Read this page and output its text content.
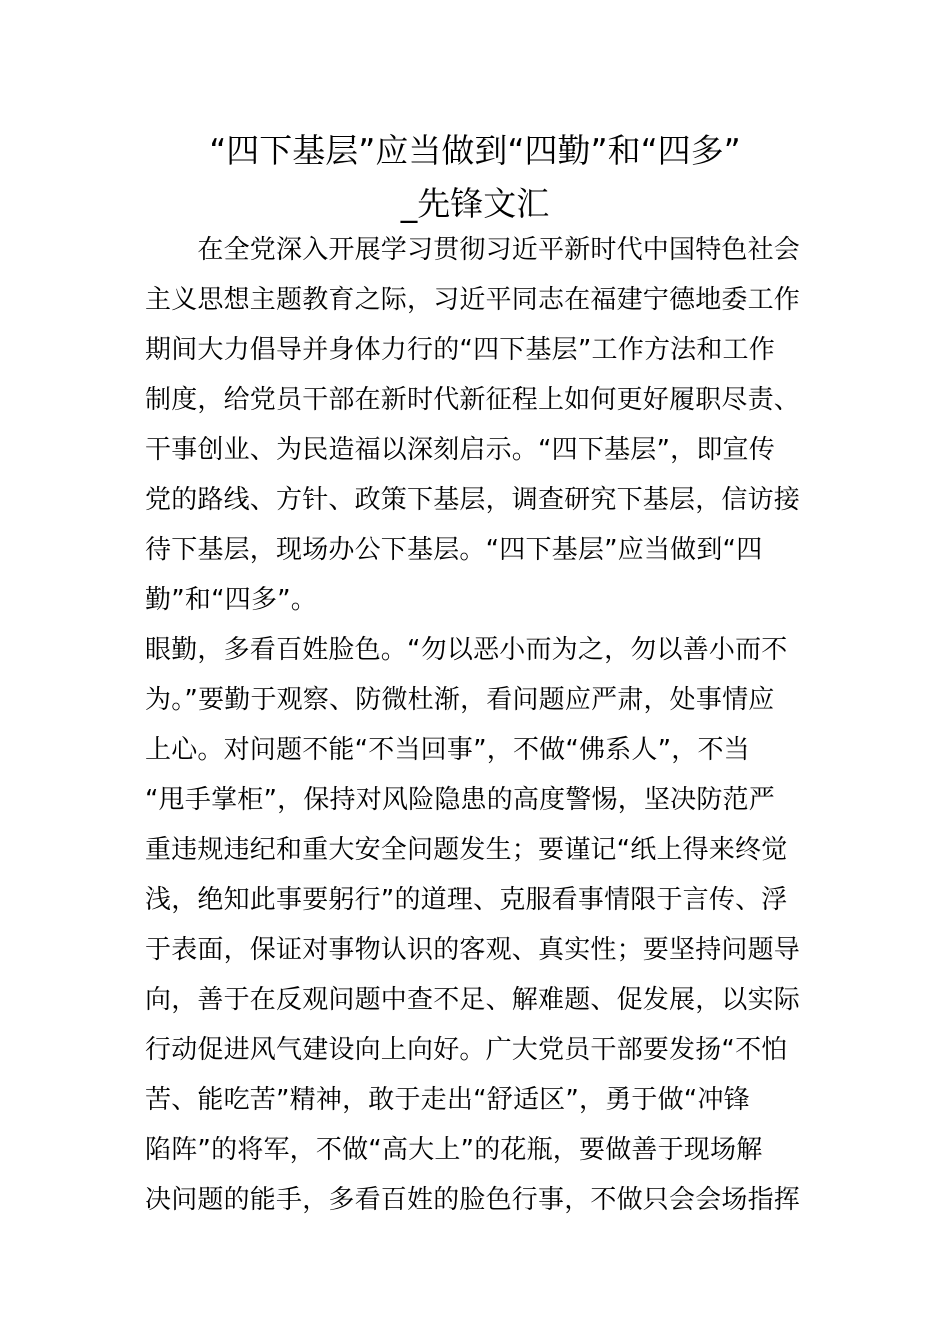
“四下基层”应当做到“四勤”和“四多”
_先锋文汇
　　在全党深入开展学习贯彻习近平新时代中国特色社会
主义思想主题教育之际，习近平同志在福建宁德地委工作
期间大力倡导并身体力行的“四下基层”工作方法和工作
制度，给党员干部在新时代新征程上如何更好履职尽责、
干事创业、为民造福以深刻启示。“四下基层”，即宣传
党的路线、方针、政策下基层，调查研究下基层，信访接
待下基层，现场办公下基层。“四下基层”应当做到“四
勤”和“四多”。
眼勤，多看百姓脸色。“勿以恶小而为之，勿以善小而不
为。”要勤于观察、防微杜渐，看问题应严肃，处事情应
上心。对问题不能“不当回事”，不做“佛系人”，不当
“甩手掌柜”，保持对风险隐患的高度警惕，坚决防范严
重违规违纪和重大安全问题发生；要谨记“纸上得来终觉
浅，绝知此事要躬行”的道理、克服看事情限于言传、浮
于表面，保证对事物认识的客观、真实性；要坚持问题导
向，善于在反观问题中查不足、解难题、促发展，以实际
行动促进风气建设向上向好。广大党员干部要发扬“不怕
苦、能吃苦”精神，敢于走出“舒适区”，勇于做“冲锋
陷阵”的将军，不做“高大上”的花瓶，要做善于现场解
决问题的能手，多看百姓的脸色行事，不做只会会场指挥
